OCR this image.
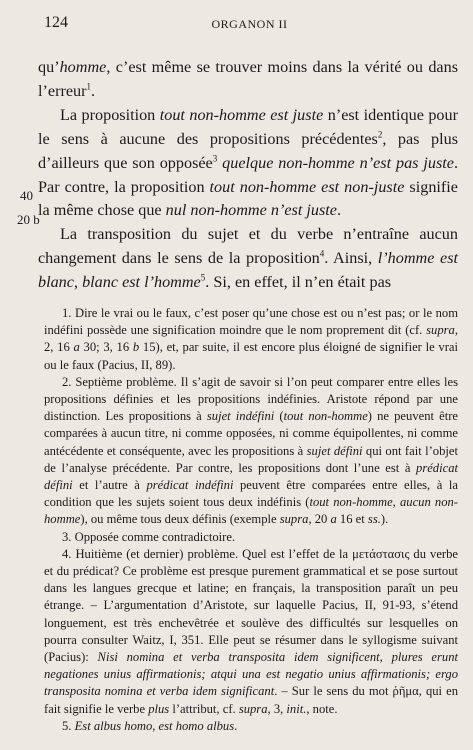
124	ORGANON II
40
20 b

qu’homme, c’est même se trouver moins dans la vérité ou dans l’erreur$^1$.

La proposition tout non-homme est juste n’est identique pour le sens à aucune des propositions précédentes$^2$, pas plus d’ailleurs que son opposée$^3$ quelque non-homme n’est pas juste. Par contre, la proposition tout non-homme est non-juste signifie la même chose que nul non-homme n’est juste.

La transposition du sujet et du verbe n’entraîne aucun changement dans le sens de la proposition$^4$. Ainsi, l’homme est blanc, blanc est l’homme$^5$. Si, en effet, il n’en était pas

1. Dire le vrai ou le faux, c’est poser qu’une chose est ou n’est pas; or le nom indéfini possède une signification moindre que le nom proprement dit (cf. supra, 2, 16 a 30; 3, 16 b 15), et, par suite, il est encore plus éloigné de signifier le vrai ou le faux (Pacius, II, 89).

2. Septième problème. Il s’agit de savoir si l’on peut comparer entre elles les propositions définies et les propositions indéfinies. Aristote répond par une distinction. Les propositions à sujet indéfini (tout non-homme) ne peuvent être comparées à aucun titre, ni comme opposées, ni comme équipollentes, ni comme antécédente et conséquente, avec les propositions à sujet défini qui ont fait l’objet de l’analyse précédente. Par contre, les propositions dont l’une est à prédicat défini et l’autre à prédicat indéfini peuvent être comparées entre elles, à la condition que les sujets soient tous deux indéfinis (tout non-homme, aucun non-homme), ou même tous deux définis (exemple supra, 20 a 16 et ss.).

3. Opposée comme contradictoire.

4. Huitième (et dernier) problème. Quel est l’effet de la μετάστασις du verbe et du prédicat? Ce problème est presque purement grammatical et se pose surtout dans les langues grecque et latine; en français, la transposition paraît un peu étrange. – L’argumentation d’Aristote, sur laquelle Pacius, II, 91-93, s’étend longuement, est très enchevêtrée et soulève des difficultés sur lesquelles on pourra consulter Waitz, I, 351. Elle peut se résumer dans le syllogisme suivant (Pacius): Nisi nomina et verba transposita idem significent, plures erunt negationes unius affirmationis; atqui una est negatio unius affirmationis; ergo transposita nomina et verba idem significant. – Sur le sens du mot ῥῆμα, qui en fait signifie le verbe plus l’attribut, cf. supra, 3, init., note.

5. Est albus homo, est homo albus.
